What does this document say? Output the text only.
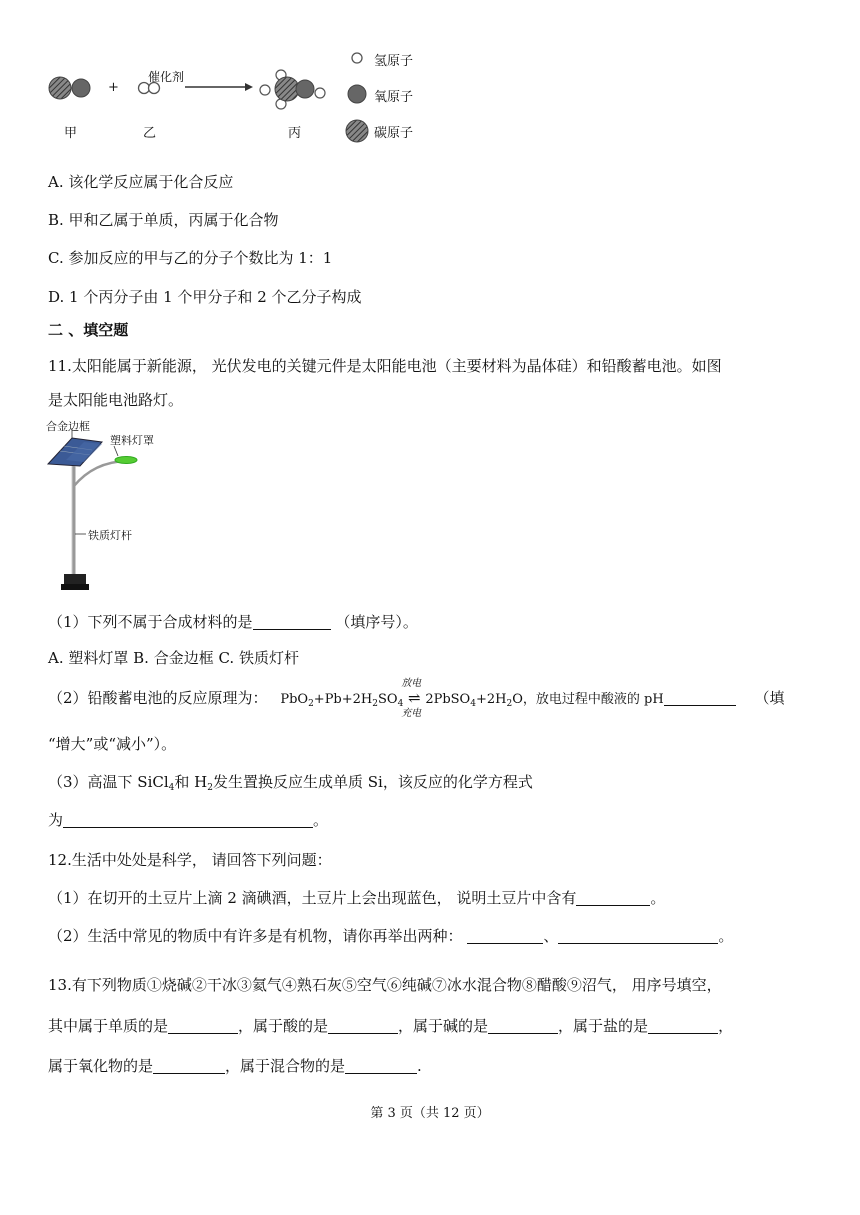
催化剂
+
甲	乙	丙
氢原子
氧原子
碳原子
A. 该化学反应属于化合反应
B. 甲和乙属于单质，丙属于化合物
C. 参加反应的甲与乙的分子个数比为 1：1
D. 1 个丙分子由 1 个甲分子和 2 个乙分子构成
二 、填空题
11.太阳能属于新能源， 光伏发电的关键元件是太阳能电池（主要材料为晶体硅）和铅酸蓄电池。如图
是太阳能电池路灯。
合金边框
塑料灯罩
铁质灯杆
（1）下列不属于合成材料的是	（填序号）。
A. 塑料灯罩 B. 合金边框 C. 铁质灯杆
（2）铅酸蓄电池的反应原理为： $PbO_2+Pb+2H_2SO_4$
放电
⇌
充电
$2PbSO_4+2H_2O$，放电过程中酸液的 pH	（填
“增大”或“减小”）。
（3）高温下 SiCl$_4$和 $H_2$发生置换反应生成单质 Si，该反应的化学方程式
为	。
12.生活中处处是科学， 请回答下列问题：
（1）在切开的土豆片上滴 2 滴碘酒，土豆片上会出现蓝色， 说明土豆片中含有	。
（2）生活中常见的物质中有许多是有机物，请你再举出两种：	、	。
13.有下列物质①烧碱②干冰③氦气④熟石灰⑤空气⑥纯碱⑦冰水混合物⑧醋酸⑨沼气， 用序号填空，
其中属于单质的是	，属于酸的是	，属于碱的是	，属于盐的是	，
属于氧化物的是	，属于混合物的是	.
第 3 页（共 12 页）
